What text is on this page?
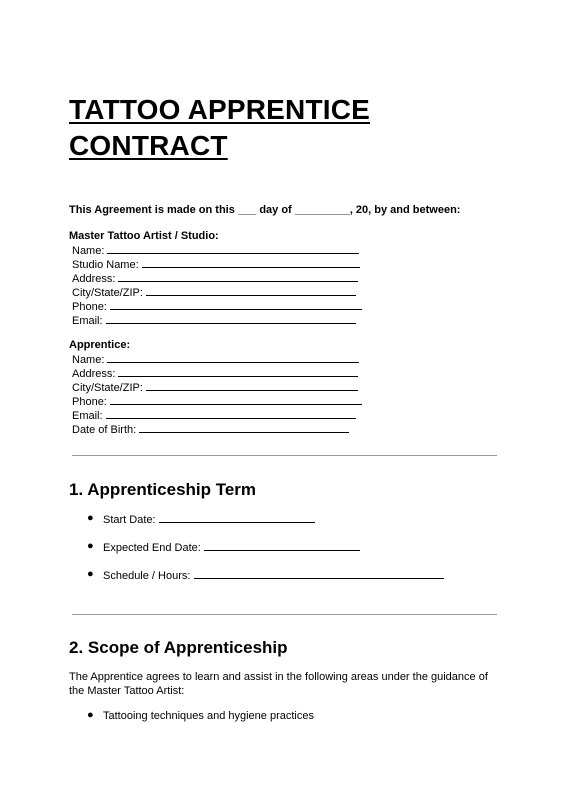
TATTOO APPRENTICE
CONTRACT
This Agreement is made on this ___ day of _________, 20, by and between:
Master Tattoo Artist / Studio:
Name:
Studio Name:
Address:
City/State/ZIP:
Phone:
Email:
Apprentice:
Name:
Address:
City/State/ZIP:
Phone:
Email:
Date of Birth:
1. Apprenticeship Term
● Start Date:
● Expected End Date:
● Schedule / Hours:
2. Scope of Apprenticeship
The Apprentice agrees to learn and assist in the following areas under the guidance of the Master Tattoo Artist:
● Tattooing techniques and hygiene practices
